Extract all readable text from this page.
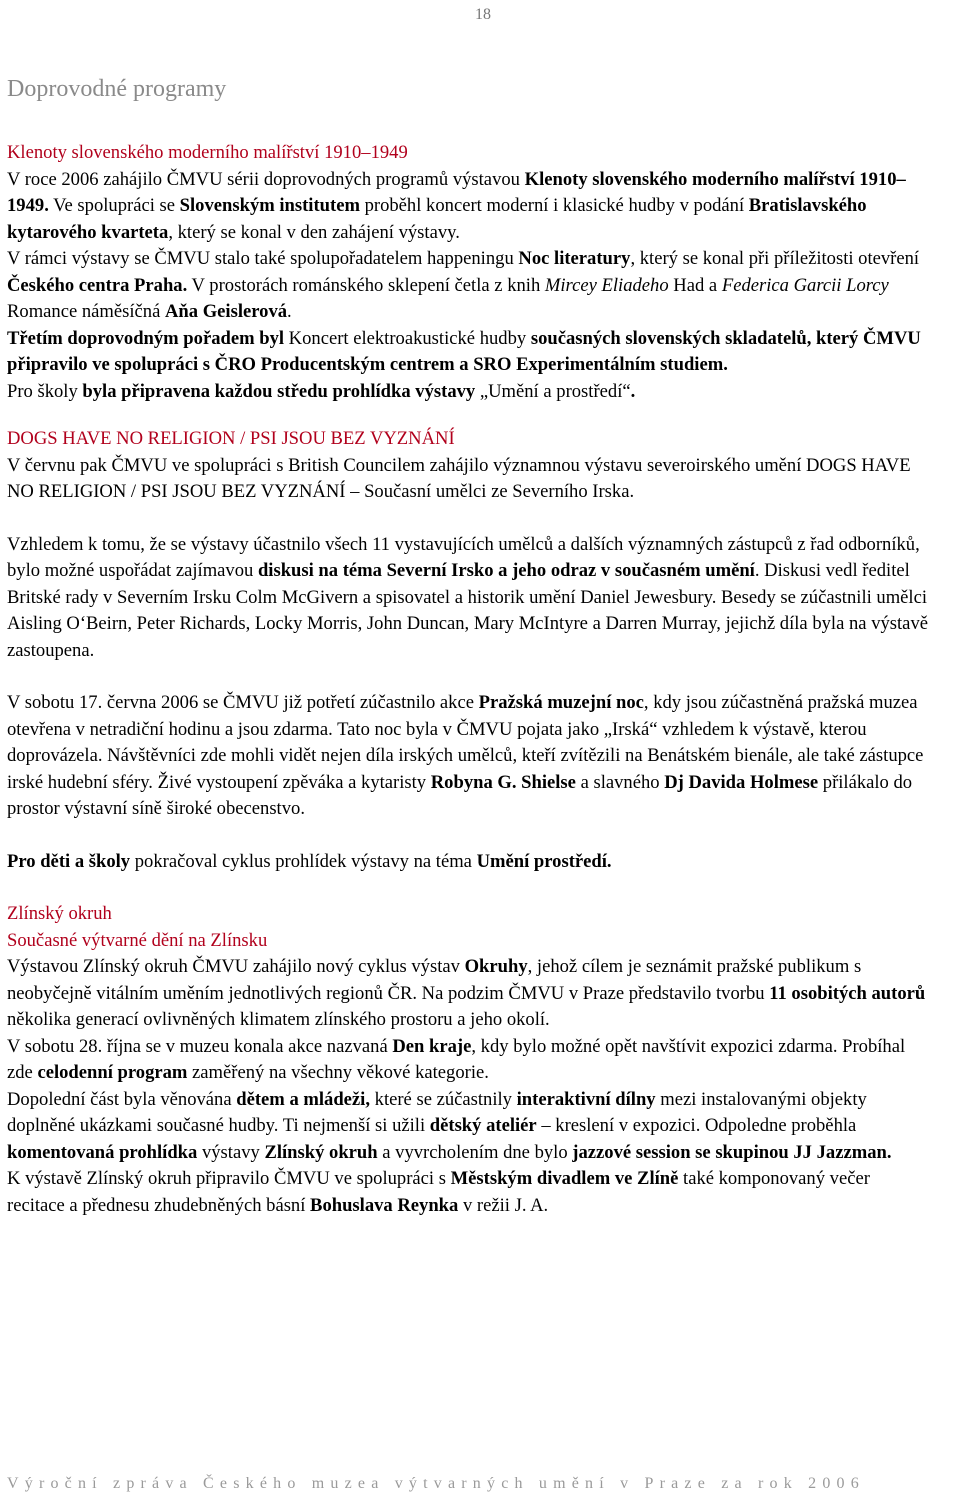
18
Doprovodné programy
Klenoty slovenského moderního malířství 1910–1949

V roce 2006 zahájilo ČMVU sérii doprovodných programů výstavou Klenoty slovenského moderního malířství 1910–1949. Ve spolupráci se Slovenským institutem proběhl koncert moderní i klasické hudby v podání Bratislavského kytarového kvarteta, který se konal v den zahájení výstavy.

V rámci výstavy se ČMVU stalo také spolupořadatelem happeningu Noc literatury, který se konal při příležitosti otevření Českého centra Praha. V prostorách románského sklepení četla z knih Mircey Eliadeho Had a Federica Garcii Lorcy Romance náměsíčná Aňa Geislerová.

Třetím doprovodným pořadem byl Koncert elektroakustické hudby současných slovenských skladatelů, který ČMVU připravilo ve spolupráci s ČRO Producentským centrem a SRO Experimentálním studiem.

Pro školy byla připravena každou středu prohlídka výstavy „Umění a prostředí“.

DOGS HAVE NO RELIGION / PSI JSOU BEZ VYZNÁNÍ

V červnu pak ČMVU ve spolupráci s British Councilem zahájilo významnou výstavu severoirského umění DOGS HAVE NO RELIGION / PSI JSOU BEZ VYZNÁNÍ – Současní umělci ze Severního Irska.

Vzhledem k tomu, že se výstavy účastnilo všech 11 vystavujících umělců a dalších významných zástupců z řad odborníků, bylo možné uspořádat zajímavou diskusi na téma Severní Irsko a jeho odraz v současném umění. Diskusi vedl ředitel Britské rady v Severním Irsku Colm McGivern a spisovatel a historik umění Daniel Jewesbury. Besedy se zúčastnili umělci Aisling O‘Beirn, Peter Richards, Locky Morris, John Duncan, Mary McIntyre a Darren Murray, jejichž díla byla na výstavě zastoupena.

V sobotu 17. června 2006 se ČMVU již potřetí zúčastnilo akce Pražská muzejní noc, kdy jsou zúčastněná pražská muzea otevřena v netradiční hodinu a jsou zdarma. Tato noc byla v ČMVU pojata jako „Irská“ vzhledem k výstavě, kterou doprovázela. Návštěvníci zde mohli vidět nejen díla irských umělců, kteří zvítězili na Benátském bienále, ale také zástupce irské hudební sféry. Živé vystoupení zpěváka a kytaristy Robyna G. Shielse a slavného Dj Davida Holmese přilákalo do prostor výstavní síně široké obecenstvo.

Pro děti a školy pokračoval cyklus prohlídek výstavy na téma Umění prostředí.

Zlínský okruh
Současné výtvarné dění na Zlínsku

Výstavou Zlínský okruh ČMVU zahájilo nový cyklus výstav Okruhy, jehož cílem je seznámit pražské publikum s neobyčejně vitálním uměním jednotlivých regionů ČR. Na podzim ČMVU v Praze představilo tvorbu 11 osobitých autorů několika generací ovlivněných klimatem zlínského prostoru a jeho okolí.

V sobotu 28. října se v muzeu konala akce nazvaná Den kraje, kdy bylo možné opět navštívit expozici zdarma. Probíhal zde celodenní program zaměřený na všechny věkové kategorie.
Dopolední část byla věnována dětem a mládeži, které se zúčastnily interaktivní dílny mezi instalovanými objekty doplněné ukázkami současné hudby. Ti nejmenší si užili dětský ateliér – kreslení v expozici. Odpoledne proběhla komentovaná prohlídka výstavy Zlínský okruh a vyvrcholením dne bylo jazzové session se skupinou JJ Jazzman.
K výstavě Zlínský okruh připravilo ČMVU ve spolupráci s Městským divadlem ve Zlíně také komponovaný večer recitace a přednesu zhudebněných básní Bohuslava Reynka v režii J. A.

Výroční zpráva Českého muzea výtvarných umění v Praze za rok 2006
